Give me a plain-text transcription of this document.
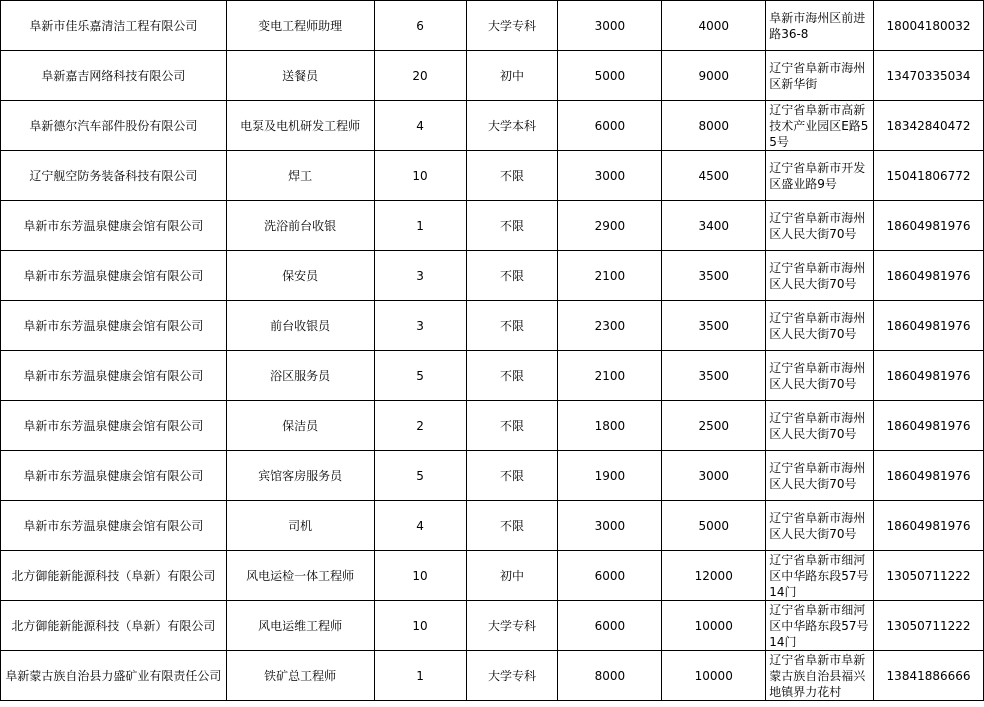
阜新市佳乐嘉清洁工程有限公司	变电工程师助理	6	大学专科	3000	4000	阜新市海州区前进路36-8	18004180032
阜新嘉吉网络科技有限公司	送餐员	20	初中	5000	9000	辽宁省阜新市海州区新华街	13470335034
阜新德尔汽车部件股份有限公司	电泵及电机研发工程师	4	大学本科	6000	8000	辽宁省阜新市高新技术产业园区E路55号	18342840472
辽宁舰空防务装备科技有限公司	焊工	10	不限	3000	4500	辽宁省阜新市开发区盛业路9号	15041806772
阜新市东芳温泉健康会馆有限公司	洗浴前台收银	1	不限	2900	3400	辽宁省阜新市海州区人民大街70号	18604981976
阜新市东芳温泉健康会馆有限公司	保安员	3	不限	2100	3500	辽宁省阜新市海州区人民大街70号	18604981976
阜新市东芳温泉健康会馆有限公司	前台收银员	3	不限	2300	3500	辽宁省阜新市海州区人民大街70号	18604981976
阜新市东芳温泉健康会馆有限公司	浴区服务员	5	不限	2100	3500	辽宁省阜新市海州区人民大街70号	18604981976
阜新市东芳温泉健康会馆有限公司	保洁员	2	不限	1800	2500	辽宁省阜新市海州区人民大街70号	18604981976
阜新市东芳温泉健康会馆有限公司	宾馆客房服务员	5	不限	1900	3000	辽宁省阜新市海州区人民大街70号	18604981976
阜新市东芳温泉健康会馆有限公司	司机	4	不限	3000	5000	辽宁省阜新市海州区人民大街70号	18604981976
北方御能新能源科技（阜新）有限公司	风电运检一体工程师	10	初中	6000	12000	辽宁省阜新市细河区中华路东段57号14门	13050711222
北方御能新能源科技（阜新）有限公司	风电运维工程师	10	大学专科	6000	10000	辽宁省阜新市细河区中华路东段57号14门	13050711222
阜新蒙古族自治县力盛矿业有限责任公司	铁矿总工程师	1	大学专科	8000	10000	辽宁省阜新市阜新蒙古族自治县福兴地镇界力花村	13841886666
